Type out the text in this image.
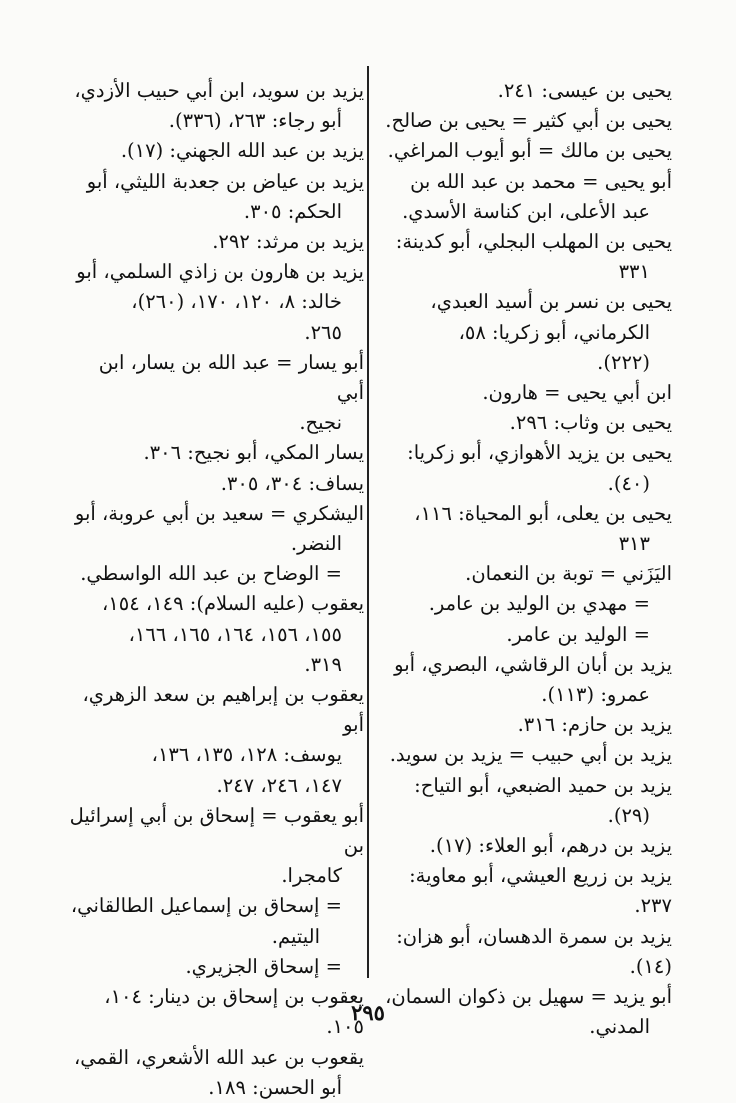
يحيى بن عيسى: ٢٤١.
يحيى بن أبي كثير = يحيى بن صالح.
يحيى بن مالك = أبو أيوب المراغي.
أبو يحيى = محمد بن عبد الله بن
عبد الأعلى، ابن كناسة الأسدي.
يحيى بن المهلب البجلي، أبو كدينة:
٣٣١
يحيى بن نسر بن أسيد العبدي،
الكرماني، أبو زكريا: ٥٨،
(٢٢٢).
ابن أبي يحيى = هارون.
يحيى بن وثاب: ٢٩٦.
يحيى بن يزيد الأهوازي، أبو زكريا:
(٤٠).
يحيى بن يعلى، أبو المحياة: ١١٦،
٣١٣
اليَزَني = توبة بن النعمان.
= مهدي بن الوليد بن عامر.
= الوليد بن عامر.
يزيد بن أبان الرقاشي، البصري، أبو
عمرو: (١١٣).
يزيد بن حازم: ٣١٦.
يزيد بن أبي حبيب = يزيد بن سويد.
يزيد بن حميد الضبعي، أبو التياح:
(٢٩).
يزيد بن درهم، أبو العلاء: (١٧).
يزيد بن زريع العيشي، أبو معاوية: ٢٣٧.
يزيد بن سمرة الدهسان، أبو هزان: (١٤).
أبو يزيد = سهيل بن ذكوان السمان،
المدني.
يزيد بن سويد، ابن أبي حبيب الأزدي،
أبو رجاء: ٢٦٣، (٣٣٦).
يزيد بن عبد الله الجهني: (١٧).
يزيد بن عياض بن جعدبة الليثي، أبو
الحكم: ٣٠٥.
يزيد بن مرثد: ٢٩٢.
يزيد بن هارون بن زاذي السلمي، أبو
خالد: ٨، ١٢٠، ١٧٠، (٢٦٠)،
٢٦٥.
أبو يسار = عبد الله بن يسار، ابن أبي
نجيح.
يسار المكي، أبو نجيح: ٣٠٦.
يساف: ٣٠٤، ٣٠٥.
اليشكري = سعيد بن أبي عروبة، أبو
النضر.
= الوضاح بن عبد الله الواسطي.
يعقوب (عليه السلام): ١٤٩، ١٥٤،
١٥٥، ١٥٦، ١٦٤، ١٦٥، ١٦٦،
٣١٩.
يعقوب بن إبراهيم بن سعد الزهري، أبو
يوسف: ١٢٨، ١٣٥، ١٣٦،
١٤٧، ٢٤٦، ٢٤٧.
أبو يعقوب = إسحاق بن أبي إسرائيل بن
كامجرا.
= إسحاق بن إسماعيل الطالقاني،
اليتيم.
= إسحاق الجزيري.
يعقوب بن إسحاق بن دينار: ١٠٤، ١٠٥.
يقعوب بن عبد الله الأشعري، القمي،
أبو الحسن: ١٨٩.
٢٩٥
